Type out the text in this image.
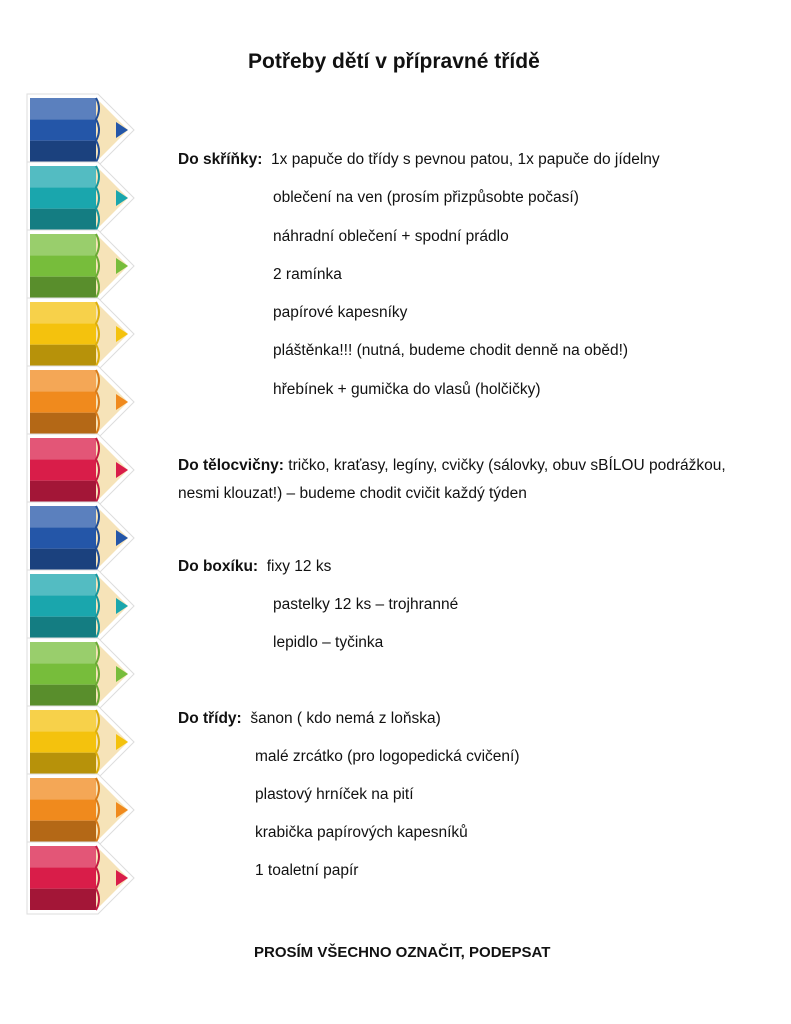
Potřeby dětí v přípravné třídě
Do skříňky: 1x papuče do třídy s pevnou patou, 1x papuče do jídelny
oblečení na ven (prosím přizpůsobte počasí)
náhradní oblečení + spodní prádlo
2 ramínka
papírové kapesníky
pláštěnka!!! (nutná, budeme chodit denně na oběd!)
hřebínek + gumička do vlasů (holčičky)
Do tělocvičny: tričko, kraťasy, legíny, cvičky (sálovky, obuv sBÍLOU podrážkou,
nesmi klouzat!) – budeme chodit cvičit každý týden
Do boxíku: fixy 12 ks
pastelky 12 ks – trojhranné
lepidlo – tyčinka
Do třídy: šanon ( kdo nemá z loňska)
malé zrcátko (pro logopedická cvičení)
plastový hrníček na pití
krabička papírových kapesníků
1 toaletní papír
PROSÍM VŠECHNO OZNAČIT, PODEPSAT
